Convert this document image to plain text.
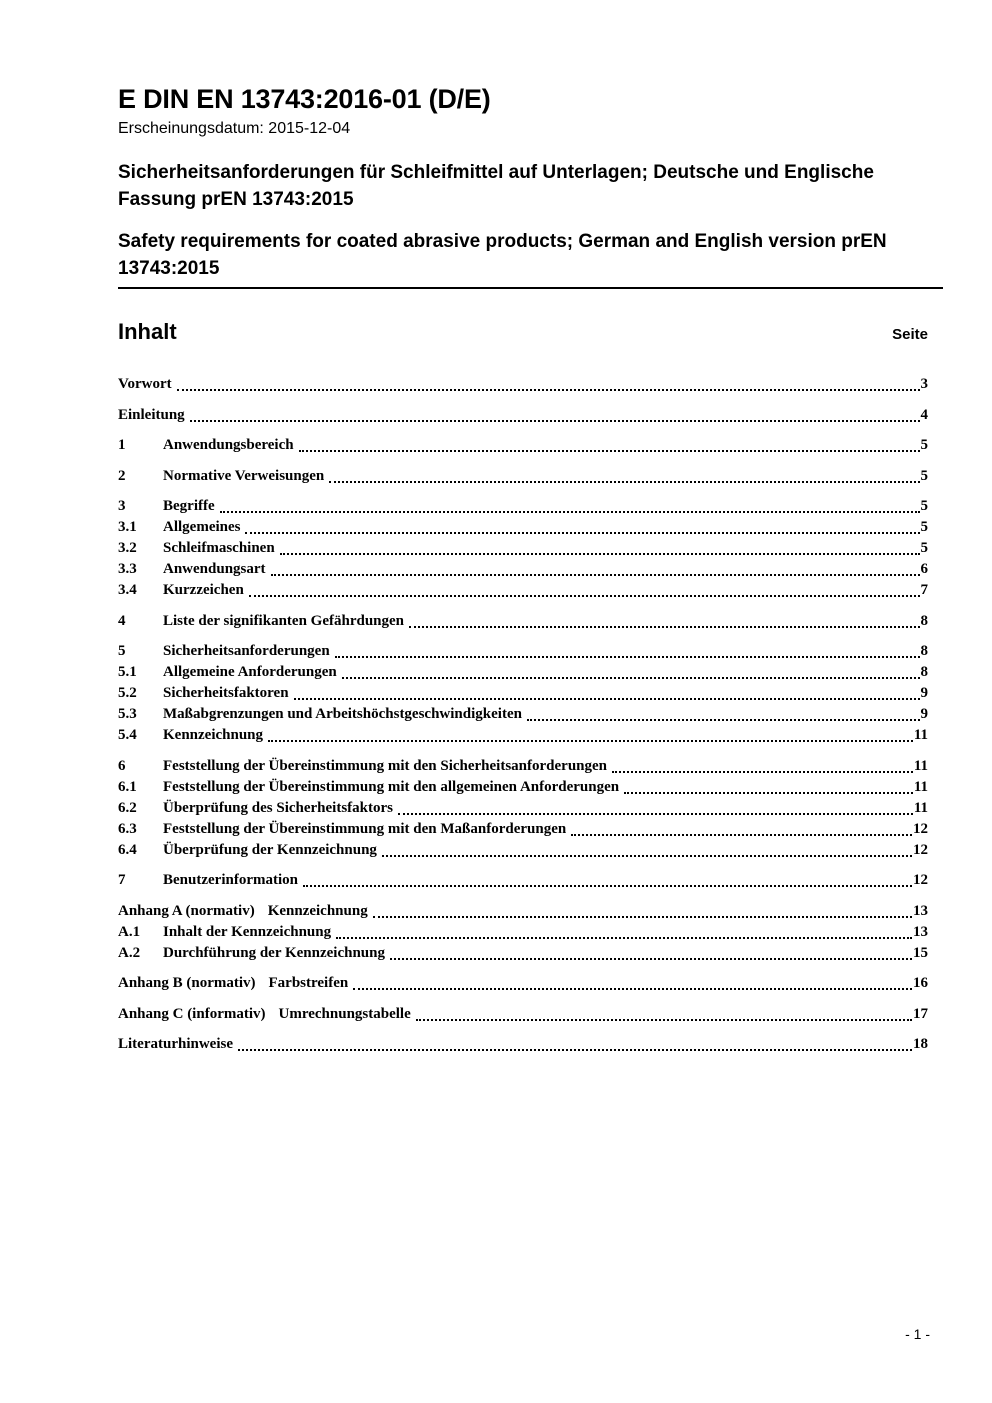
E DIN EN 13743:2016-01 (D/E)
Erscheinungsdatum: 2015-12-04
Sicherheitsanforderungen für Schleifmittel auf Unterlagen; Deutsche und Englische
Fassung prEN 13743:2015
Safety requirements for coated abrasive products; German and English version prEN
13743:2015
Inhalt	Seite
Vorwort	3
Einleitung	4
1	Anwendungsbereich	5
2	Normative Verweisungen	5
3	Begriffe	5
3.1	Allgemeines	5
3.2	Schleifmaschinen	5
3.3	Anwendungsart	6
3.4	Kurzzeichen	7
4	Liste der signifikanten Gefährdungen	8
5	Sicherheitsanforderungen	8
5.1	Allgemeine Anforderungen	8
5.2	Sicherheitsfaktoren	9
5.3	Maßabgrenzungen und Arbeitshöchstgeschwindigkeiten	9
5.4	Kennzeichnung	11
6	Feststellung der Übereinstimmung mit den Sicherheitsanforderungen	11
6.1	Feststellung der Übereinstimmung mit den allgemeinen Anforderungen	11
6.2	Überprüfung des Sicherheitsfaktors	11
6.3	Feststellung der Übereinstimmung mit den Maßanforderungen	12
6.4	Überprüfung der Kennzeichnung	12
7	Benutzerinformation	12
Anhang A (normativ) Kennzeichnung	13
A.1	Inhalt der Kennzeichnung	13
A.2	Durchführung der Kennzeichnung	15
Anhang B (normativ) Farbstreifen	16
Anhang C (informativ) Umrechnungstabelle	17
Literaturhinweise	18
- 1 -
